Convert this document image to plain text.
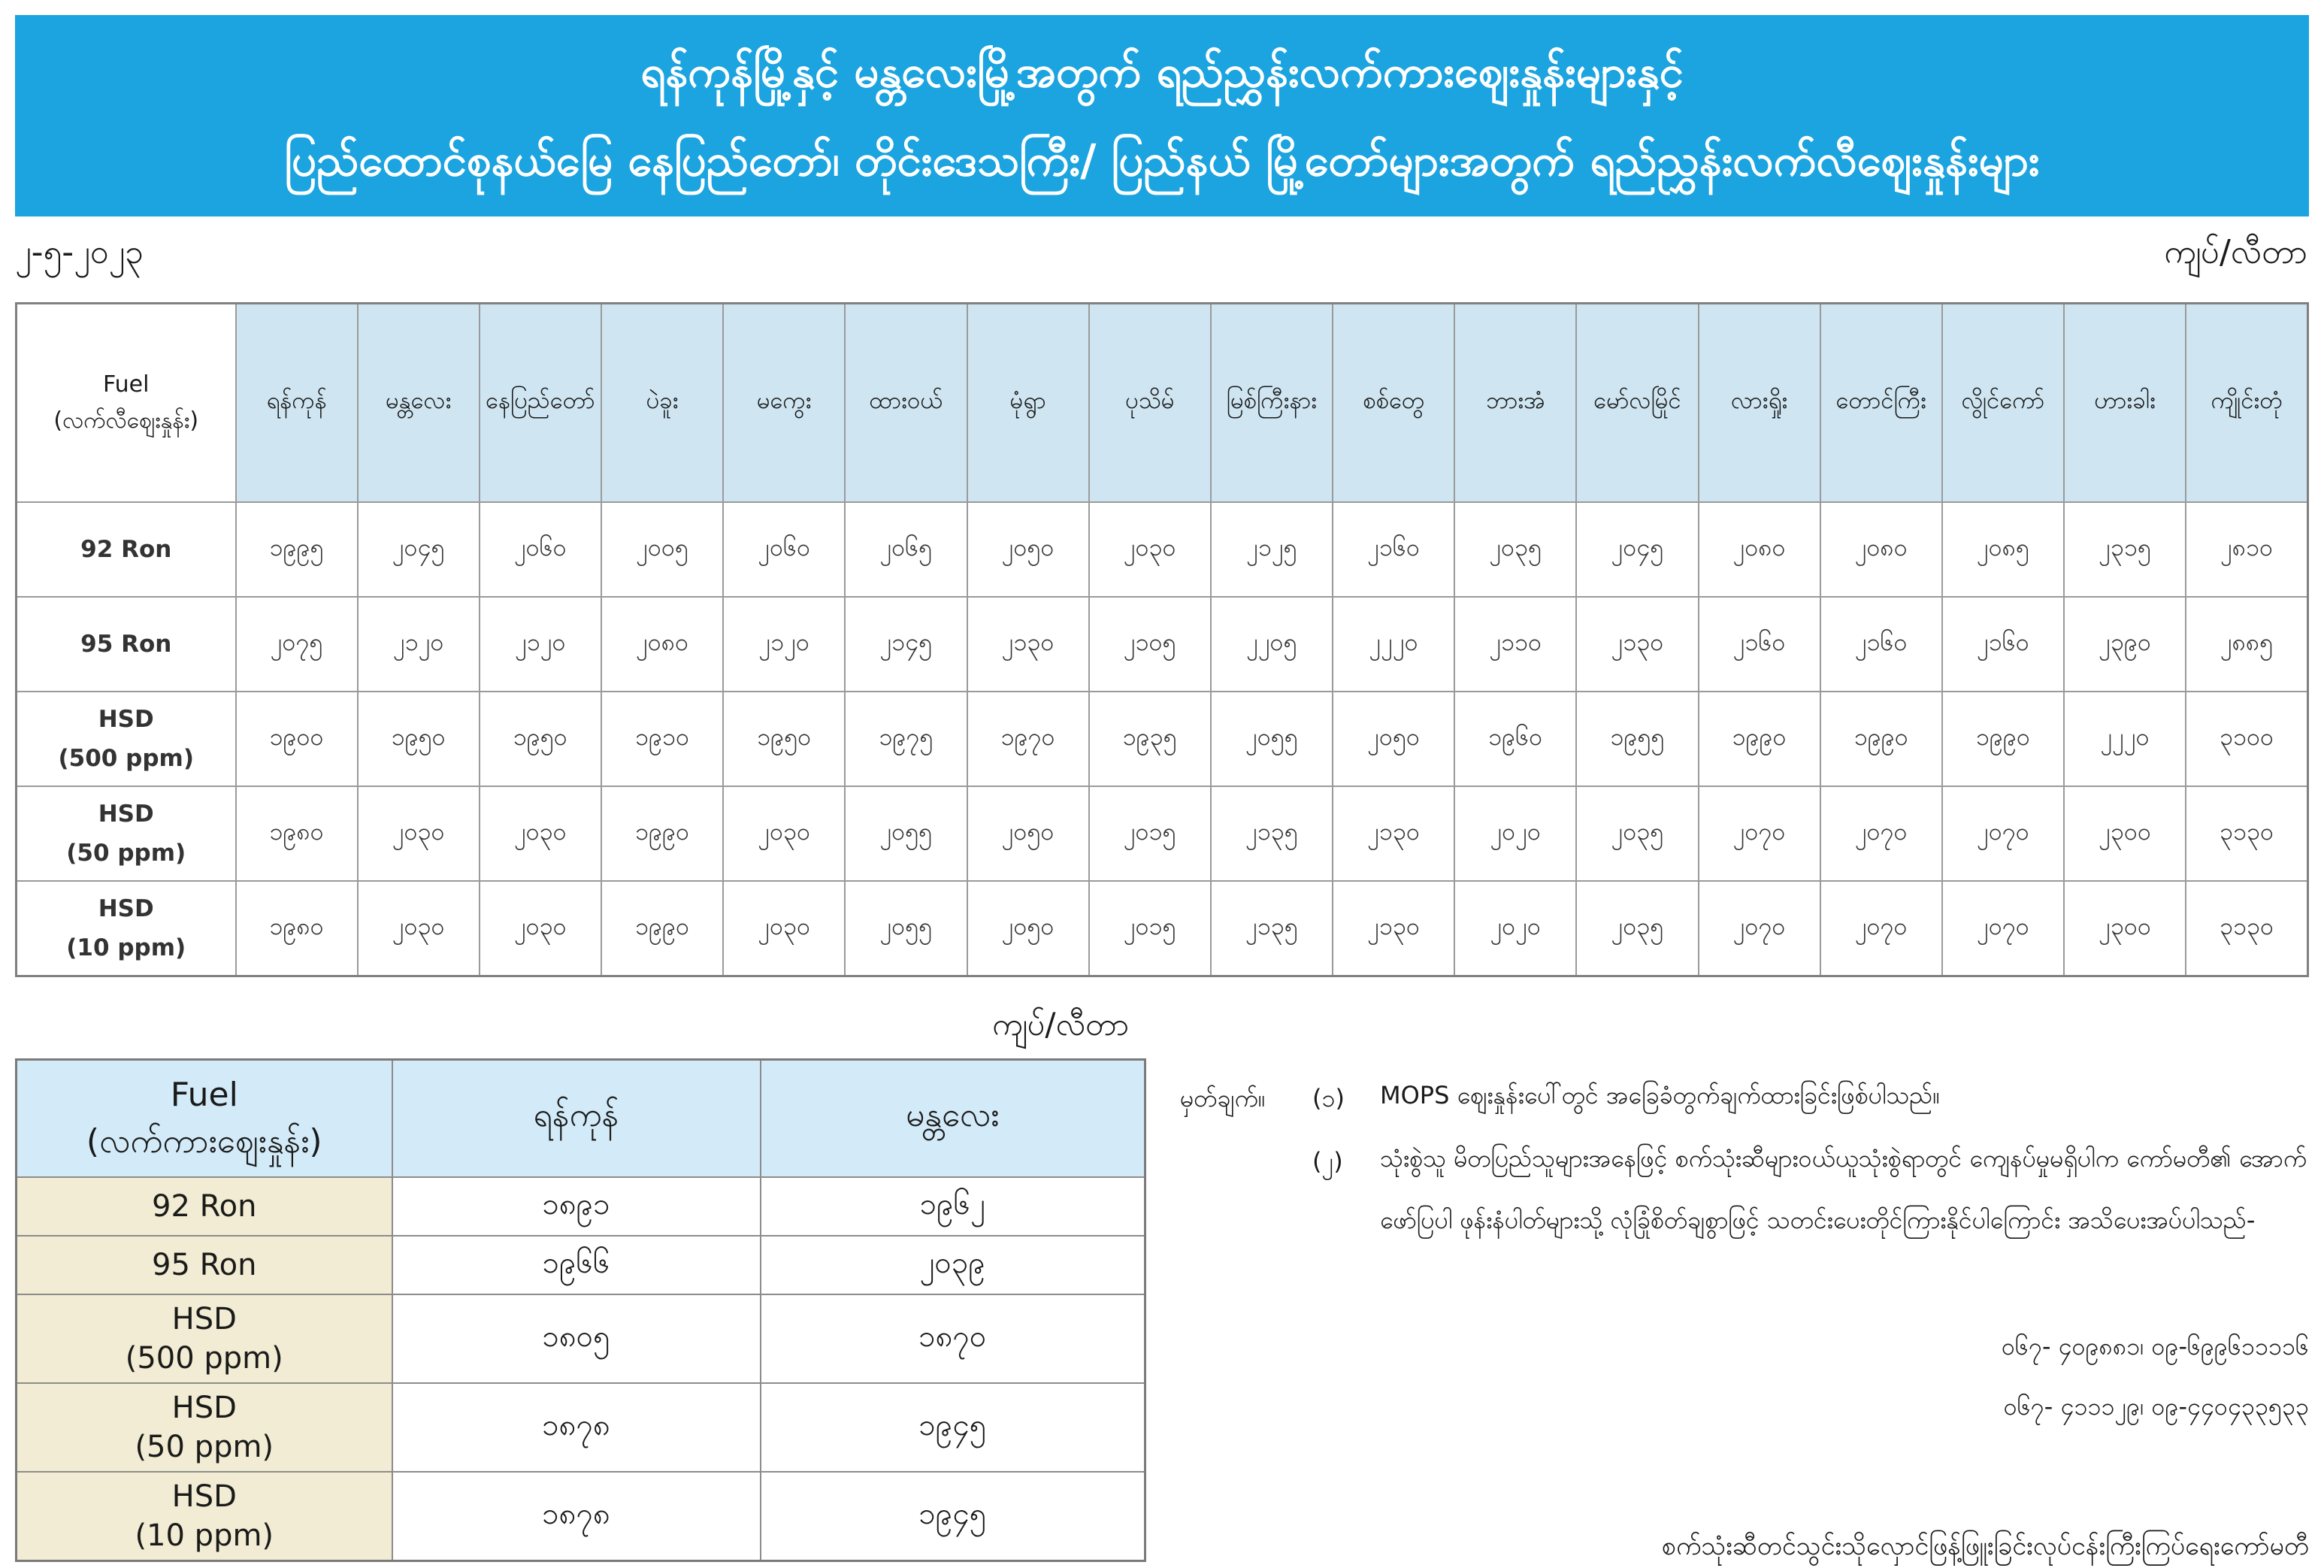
ရန်ကုန်မြို့နှင့် မန္တလေးမြို့အတွက် ရည်ညွှန်းလက်ကားဈေးနှုန်းများနှင့်
ပြည်ထောင်စုနယ်မြေ နေပြည်တော်၊ တိုင်းဒေသကြီး/ ပြည်နယ် မြို့တော်များအတွက် ရည်ညွှန်းလက်လီဈေးနှုန်းများ
၂-၅-၂၀၂၃	ကျပ်/လီတာ
Fuel
(လက်လီဈေးနှုန်း)	ရန်ကုန်	မန္တလေး	နေပြည်တော်	ပဲခူး	မကွေး	ထားဝယ်	မုံရွာ	ပုသိမ်	မြစ်ကြီးနား	စစ်တွေ	ဘားအံ	မော်လမြိုင်	လားရှိုး	တောင်ကြီး	လွိုင်ကော်	ဟားခါး	ကျိုင်းတုံ

92 Ron	၁၉၉၅	၂၀၄၅	၂၀၆၀	၂၀၀၅	၂၀၆၀	၂၀၆၅	၂၀၅၀	၂၀၃၀	၂၁၂၅	၂၁၆၀	၂၀၃၅	၂၀၄၅	၂၀၈၀	၂၀၈၀	၂၀၈၅	၂၃၁၅	၂၈၁၀

95 Ron	၂၀၇၅	၂၁၂၀	၂၁၂၀	၂၀၈၀	၂၁၂၀	၂၁၄၅	၂၁၃၀	၂၁၀၅	၂၂၀၅	၂၂၂၀	၂၁၁၀	၂၁၃၀	၂၁၆၀	၂၁၆၀	၂၁၆၀	၂၃၉၀	၂၈၈၅

HSD
(500 ppm)	၁၉၀၀	၁၉၅၀	၁၉၅၀	၁၉၁၀	၁၉၅၀	၁၉၇၅	၁၉၇၀	၁၉၃၅	၂၀၅၅	၂၀၅၀	၁၉၆၀	၁၉၅၅	၁၉၉၀	၁၉၉၀	၁၉၉၀	၂၂၂၀	၃၁၀၀

HSD
(50 ppm)	၁၉၈၀	၂၀၃၀	၂၀၃၀	၁၉၉၀	၂၀၃၀	၂၀၅၅	၂၀၅၀	၂၀၁၅	၂၁၃၅	၂၁၃၀	၂၀၂၀	၂၀၃၅	၂၀၇၀	၂၀၇၀	၂၀၇၀	၂၃၀၀	၃၁၃၀

HSD
(10 ppm)	၁၉၈၀	၂၀၃၀	၂၀၃၀	၁၉၉၀	၂၀၃၀	၂၀၅၅	၂၀၅၀	၂၀၁၅	၂၁၃၅	၂၁၃၀	၂၀၂၀	၂၀၃၅	၂၀၇၀	၂၀၇၀	၂၀၇၀	၂၃၀၀	၃၁၃၀
ကျပ်/လီတာ
Fuel
(လက်ကားဈေးနှုန်း)	ရန်ကုန်	မန္တလေး

92 Ron	၁၈၉၁	၁၉၆၂

95 Ron	၁၉၆၆	၂၀၃၉

HSD
(500 ppm)	၁၈၀၅	၁၈၇၀

HSD
(50 ppm)	၁၈၇၈	၁၉၄၅

HSD
(10 ppm)	၁၈၇၈	၁၉၄၅
မှတ်ချက်။ (၁) MOPS ဈေးနှုန်းပေါ်တွင် အခြေခံတွက်ချက်ထားခြင်းဖြစ်ပါသည်။
(၂) သုံးစွဲသူ မိတပြည်သူများအနေဖြင့် စက်သုံးဆီများဝယ်ယူသုံးစွဲရာတွင် ကျေနပ်မှုမရှိပါက ကော်မတီ၏ အောက်ဖော်ပြပါ ဖုန်းနံပါတ်များသို့ လုံခြုံစိတ်ချစွာဖြင့် သတင်းပေးတိုင်ကြားနိုင်ပါကြောင်း အသိပေးအပ်ပါသည်-
၀၆၇- ၄၀၉၈၈၁၊ ၀၉-၆၉၉၆၁၁၁၁၆
၀၆၇- ၄၁၁၁၂၉၊ ၀၉-၄၄၀၄၃၃၅၃၃
စက်သုံးဆီတင်သွင်းသိုလှောင်ဖြန့်ဖြူးခြင်းလုပ်ငန်းကြီးကြပ်ရေးကော်မတီ
